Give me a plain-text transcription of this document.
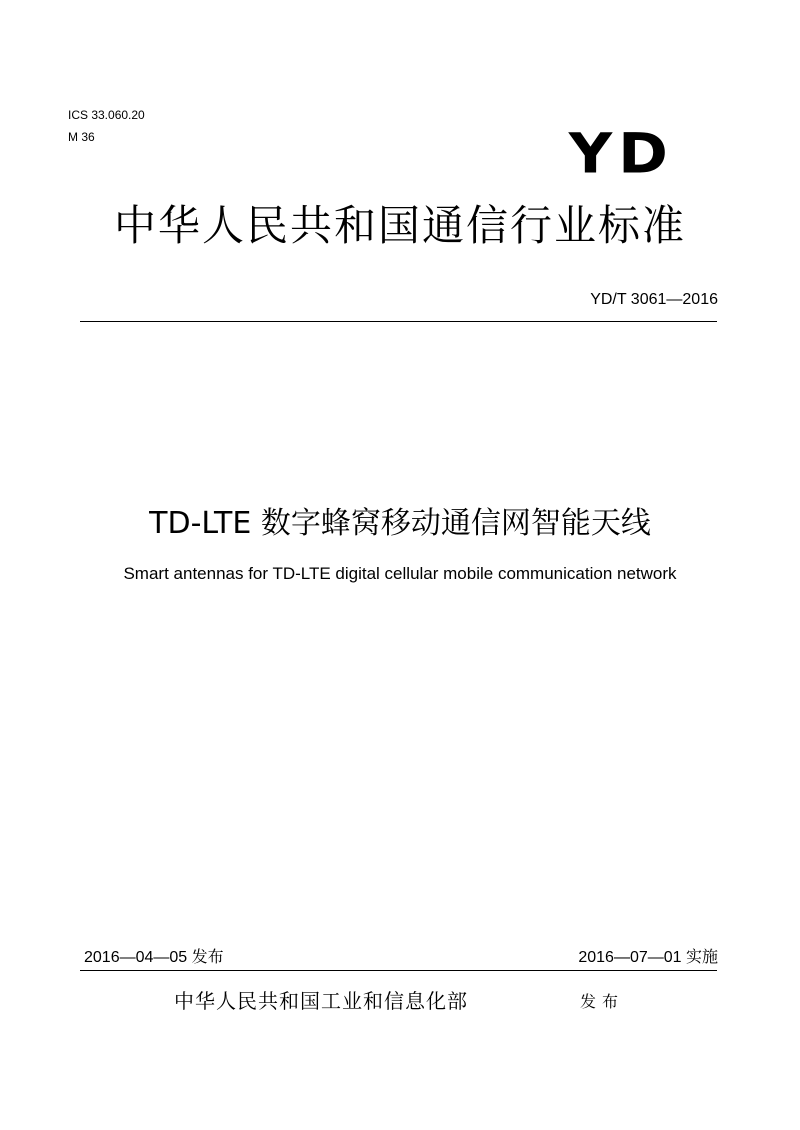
ICS 33.060.20
M 36	YD
中华人民共和国通信行业标准
YD/T 3061—2016
TD-LTE 数字蜂窝移动通信网智能天线
Smart antennas for TD-LTE digital cellular mobile communication network
2016—04—05 发布	2016—07—01 实施
中华人民共和国工业和信息化部	发布
